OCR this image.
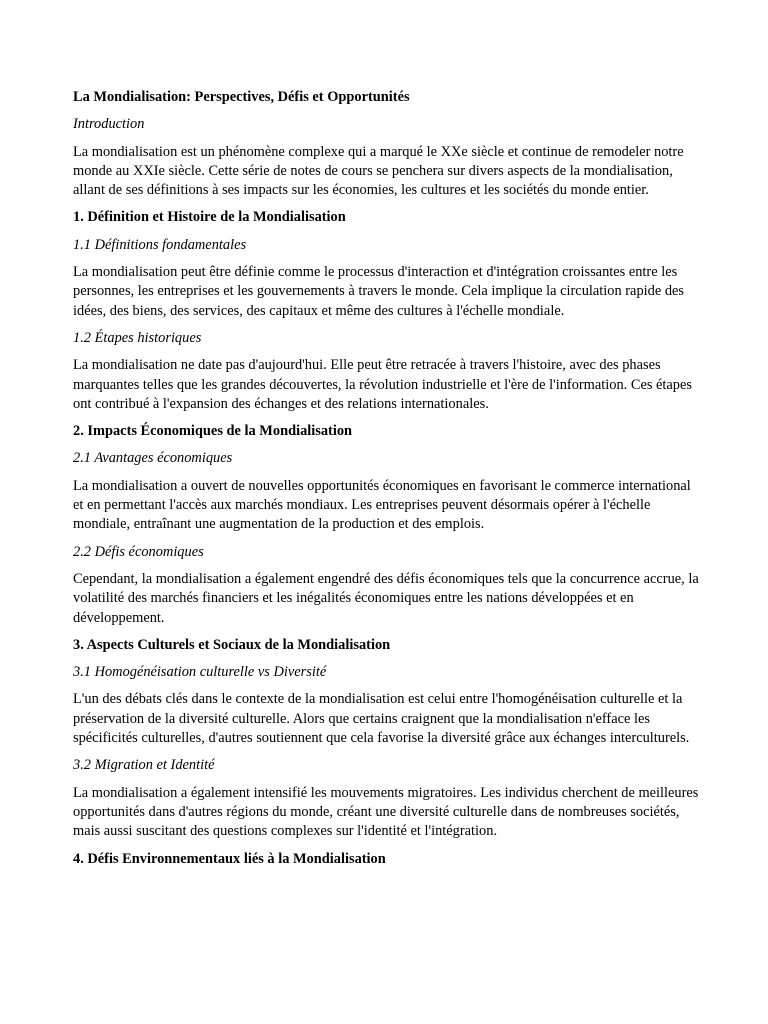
La Mondialisation: Perspectives, Défis et Opportunités

Introduction

La mondialisation est un phénomène complexe qui a marqué le XXe siècle et continue de remodeler notre monde au XXIe siècle. Cette série de notes de cours se penchera sur divers aspects de la mondialisation, allant de ses définitions à ses impacts sur les économies, les cultures et les sociétés du monde entier.

1. Définition et Histoire de la Mondialisation

1.1 Définitions fondamentales

La mondialisation peut être définie comme le processus d'interaction et d'intégration croissantes entre les personnes, les entreprises et les gouvernements à travers le monde. Cela implique la circulation rapide des idées, des biens, des services, des capitaux et même des cultures à l'échelle mondiale.

1.2 Étapes historiques

La mondialisation ne date pas d'aujourd'hui. Elle peut être retracée à travers l'histoire, avec des phases marquantes telles que les grandes découvertes, la révolution industrielle et l'ère de l'information. Ces étapes ont contribué à l'expansion des échanges et des relations internationales.

2. Impacts Économiques de la Mondialisation

2.1 Avantages économiques

La mondialisation a ouvert de nouvelles opportunités économiques en favorisant le commerce international et en permettant l'accès aux marchés mondiaux. Les entreprises peuvent désormais opérer à l'échelle mondiale, entraînant une augmentation de la production et des emplois.

2.2 Défis économiques

Cependant, la mondialisation a également engendré des défis économiques tels que la concurrence accrue, la volatilité des marchés financiers et les inégalités économiques entre les nations développées et en développement.

3. Aspects Culturels et Sociaux de la Mondialisation

3.1 Homogénéisation culturelle vs Diversité

L'un des débats clés dans le contexte de la mondialisation est celui entre l'homogénéisation culturelle et la préservation de la diversité culturelle. Alors que certains craignent que la mondialisation n'efface les spécificités culturelles, d'autres soutiennent que cela favorise la diversité grâce aux échanges interculturels.

3.2 Migration et Identité

La mondialisation a également intensifié les mouvements migratoires. Les individus cherchent de meilleures opportunités dans d'autres régions du monde, créant une diversité culturelle dans de nombreuses sociétés, mais aussi suscitant des questions complexes sur l'identité et l'intégration.

4. Défis Environnementaux liés à la Mondialisation
